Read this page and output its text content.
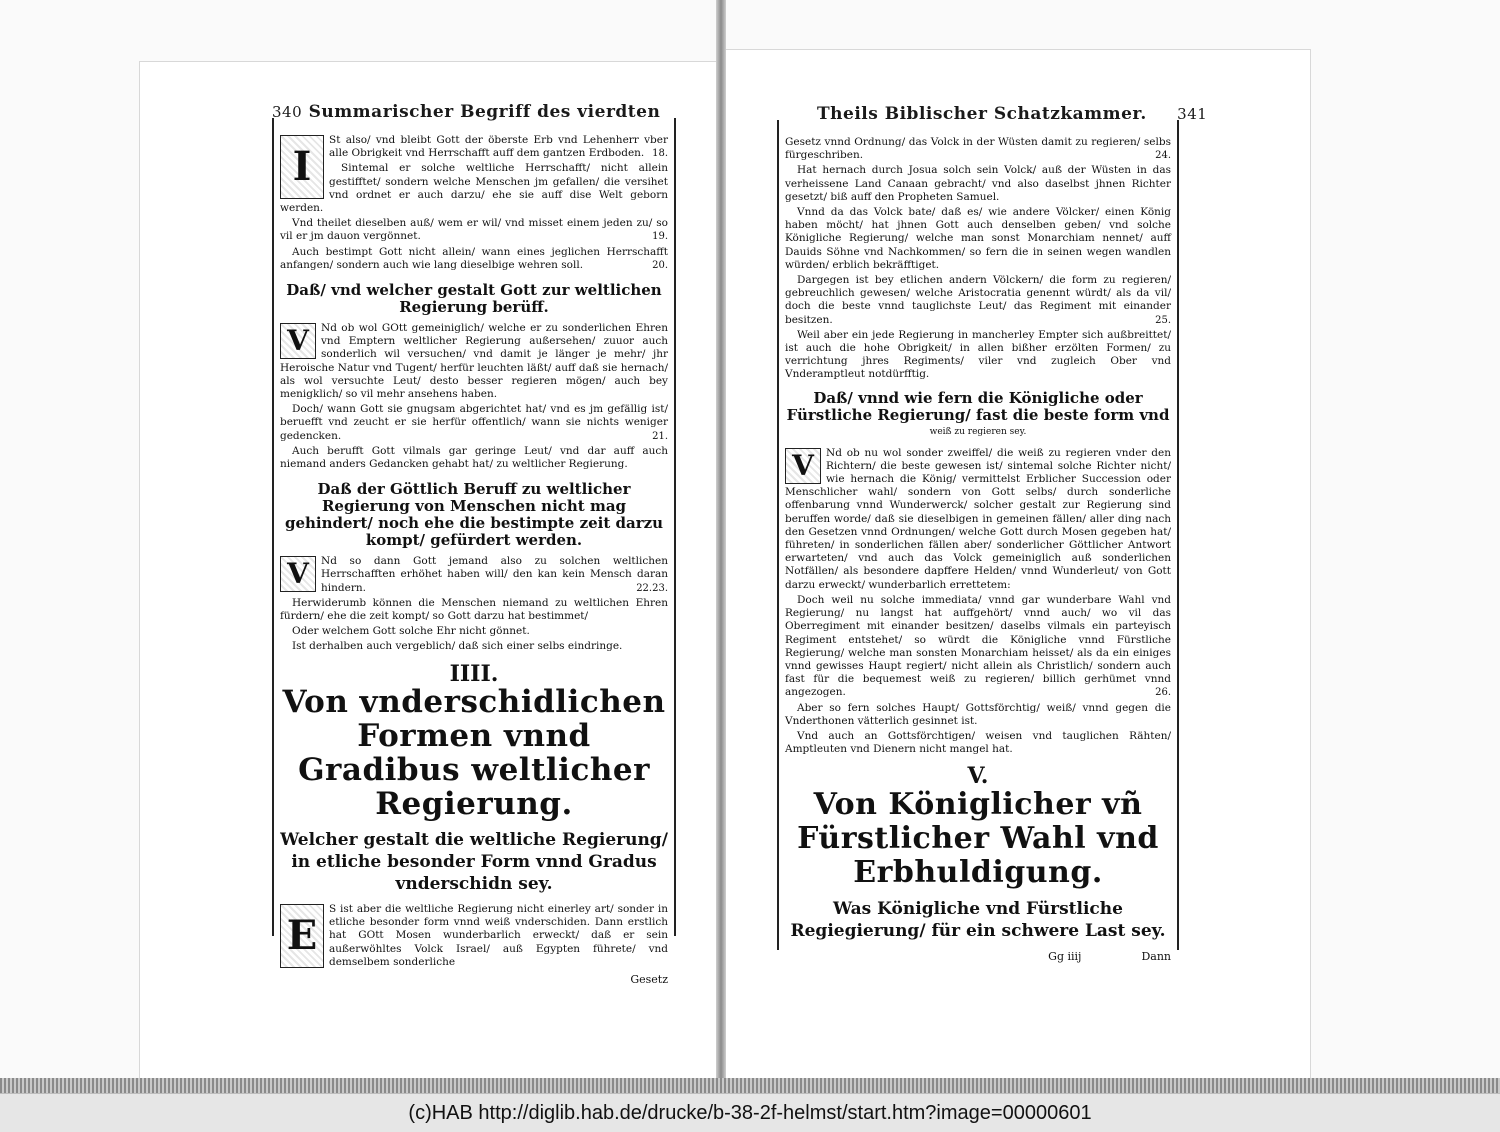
340 Summarischer Begriff des vierdten
I

St also/ vnd bleibt Gott der öberste Erb vnd Lehenherr vber alle Obrigkeit vnd Herrschafft auff dem gantzen Erdboden. 18.

Sintemal er solche weltliche Herrschafft/ nicht allein gestifftet/ sondern welche Menschen jm gefallen/ die versihet vnd ordnet er auch darzu/ ehe sie auff dise Welt geborn werden.

Vnd theilet dieselben auß/ wem er wil/ vnd misset einem jeden zu/ so vil er jm dauon vergönnet.	19.

Auch bestimpt Gott nicht allein/ wann eines jeglichen Herrschafft anfangen/ sondern auch wie lang dieselbige wehren soll.	20.

Daß/ vnd welcher gestalt Gott zur weltlichen Regierung berüff.
V	Nd ob wol GOtt gemeiniglich/ welche er zu sonderlichen Ehren vnd Emptern weltlicher Regierung außersehen/ zuuor auch sonderlich wil versuchen/ vnd damit je länger je mehr/ jhr Heroische Natur vnd Tugent/ herfür leuchten läßt/ auff daß sie hernach/ als wol versuchte Leut/ desto besser regieren mögen/ auch bey menigklich/ so vil mehr ansehens haben.

Doch/ wann Gott sie gnugsam abgerichtet hat/ vnd es jm gefällig ist/ beruefft vnd zeucht er sie herfür offentlich/ wann sie nichts weniger gedencken.	21.

Auch berufft Gott vilmals gar geringe Leut/ vnd dar auff auch niemand anders Gedancken gehabt hat/ zu weltlicher Regierung.

Daß der Göttlich Beruff zu weltlicher Regierung von Menschen nicht mag gehindert/ noch ehe die bestimpte zeit darzu kompt/ gefürdert werden.
V	Nd so dann Gott jemand also zu solchen weltlichen Herrschafften erhöhet haben will/ den kan kein Mensch daran hindern.	22.23.

Herwiderumb können die Menschen niemand zu weltlichen Ehren fürdern/ ehe die zeit kompt/ so Gott darzu hat bestimmet/

Oder welchem Gott solche Ehr nicht gönnet.

Ist derhalben auch vergeblich/ daß sich einer selbs eindringe.

IIII.
Von vnderschidlichen Formen vnnd Gradibus weltlicher Regierung.
Welcher gestalt die weltliche Regierung/ in etliche besonder Form vnnd Gradus vnderschidn sey.
E

S ist aber die weltliche Regierung nicht einerley art/ sonder in etliche besonder form vnnd weiß vnderschiden. Dann erstlich hat GOtt Mosen wunderbarlich erweckt/ daß er sein außerwöhltes Volck Israel/ auß Egypten führete/ vnd demselbem sonderliche

Gesetz
Theils Biblischer Schatzkammer. 341

Gesetz vnnd Ordnung/ das Volck in der Wüsten damit zu regieren/ selbs fürgeschriben.	24.

Hat hernach durch Josua solch sein Volck/ auß der Wüsten in das verheissene Land Canaan gebracht/ vnd also daselbst jhnen Richter gesetzt/ biß auff den Propheten Samuel.

Vnnd da das Volck bate/ daß es/ wie andere Völcker/ einen König haben möcht/ hat jhnen Gott auch denselben geben/ vnd solche Königliche Regierung/ welche man sonst Monarchiam nennet/ auff Dauids Söhne vnd Nachkommen/ so fern die in seinen wegen wandlen würden/ erblich bekräfftiget.

Dargegen ist bey etlichen andern Völckern/ die form zu regieren/ gebreuchlich gewesen/ welche Aristocratia genennt würdt/ als da vil/ doch die beste vnnd tauglichste Leut/ das Regiment mit einander besitzen.	25.

Weil aber ein jede Regierung in mancherley Empter sich außbreittet/ ist auch die hohe Obrigkeit/ in allen bißher erzölten Formen/ zu verrichtung jhres Regiments/ viler vnd zugleich Ober vnd Vnderamptleut notdürfftig.

Daß/ vnnd wie fern die Königliche oder Fürstliche Regierung/ fast die beste form vnd
weiß zu regieren sey.
V	Nd ob nu wol sonder zweiffel/ die weiß zu regieren vnder den Richtern/ die beste gewesen ist/ sintemal solche Richter nicht/ wie hernach die König/ vermittelst Erblicher Succession oder Menschlicher wahl/ sondern von Gott selbs/ durch sonderliche offenbarung vnnd Wunderwerck/ solcher gestalt zur Regierung sind beruffen worde/ daß sie dieselbigen in gemeinen fällen/ aller ding nach den Gesetzen vnnd Ordnungen/ welche Gott durch Mosen gegeben hat/ führeten/ in sonderlichen fällen aber/ sonderlicher Göttlicher Antwort erwarteten/ vnd auch das Volck gemeiniglich auß sonderlichen Notfällen/ als besondere dapffere Helden/ vnnd Wunderleut/ von Gott darzu erweckt/ wunderbarlich errettetem:

Doch weil nu solche immediata/ vnnd gar wunderbare Wahl vnd Regierung/ nu langst hat auffgehört/ vnnd auch/ wo vil das Oberregiment mit einander besitzen/ daselbs vilmals ein parteyisch Regiment entstehet/ so würdt die Königliche vnnd Fürstliche Regierung/ welche man sonsten Monarchiam heisset/ als da ein einiges vnnd gewisses Haupt regiert/ nicht allein als Christlich/ sondern auch fast für die bequemest weiß zu regieren/ billich gerhümet vnnd angezogen.	26.

Aber so fern solches Haupt/ Gottsförchtig/ weiß/ vnnd gegen die Vnderthonen vätterlich gesinnet ist.

Vnd auch an Gottsförchtigen/ weisen vnd tauglichen Rähten/ Amptleuten vnd Dienern nicht mangel hat.

V.
Von Königlicher vñ Fürstlicher Wahl vnd Erbhuldigung.
Was Königliche vnd Fürstliche Regiegierung/ für ein schwere Last sey.
Gg iiij	Dann
(c)HAB http://diglib.hab.de/drucke/b-38-2f-helmst/start.htm?image=00000601
